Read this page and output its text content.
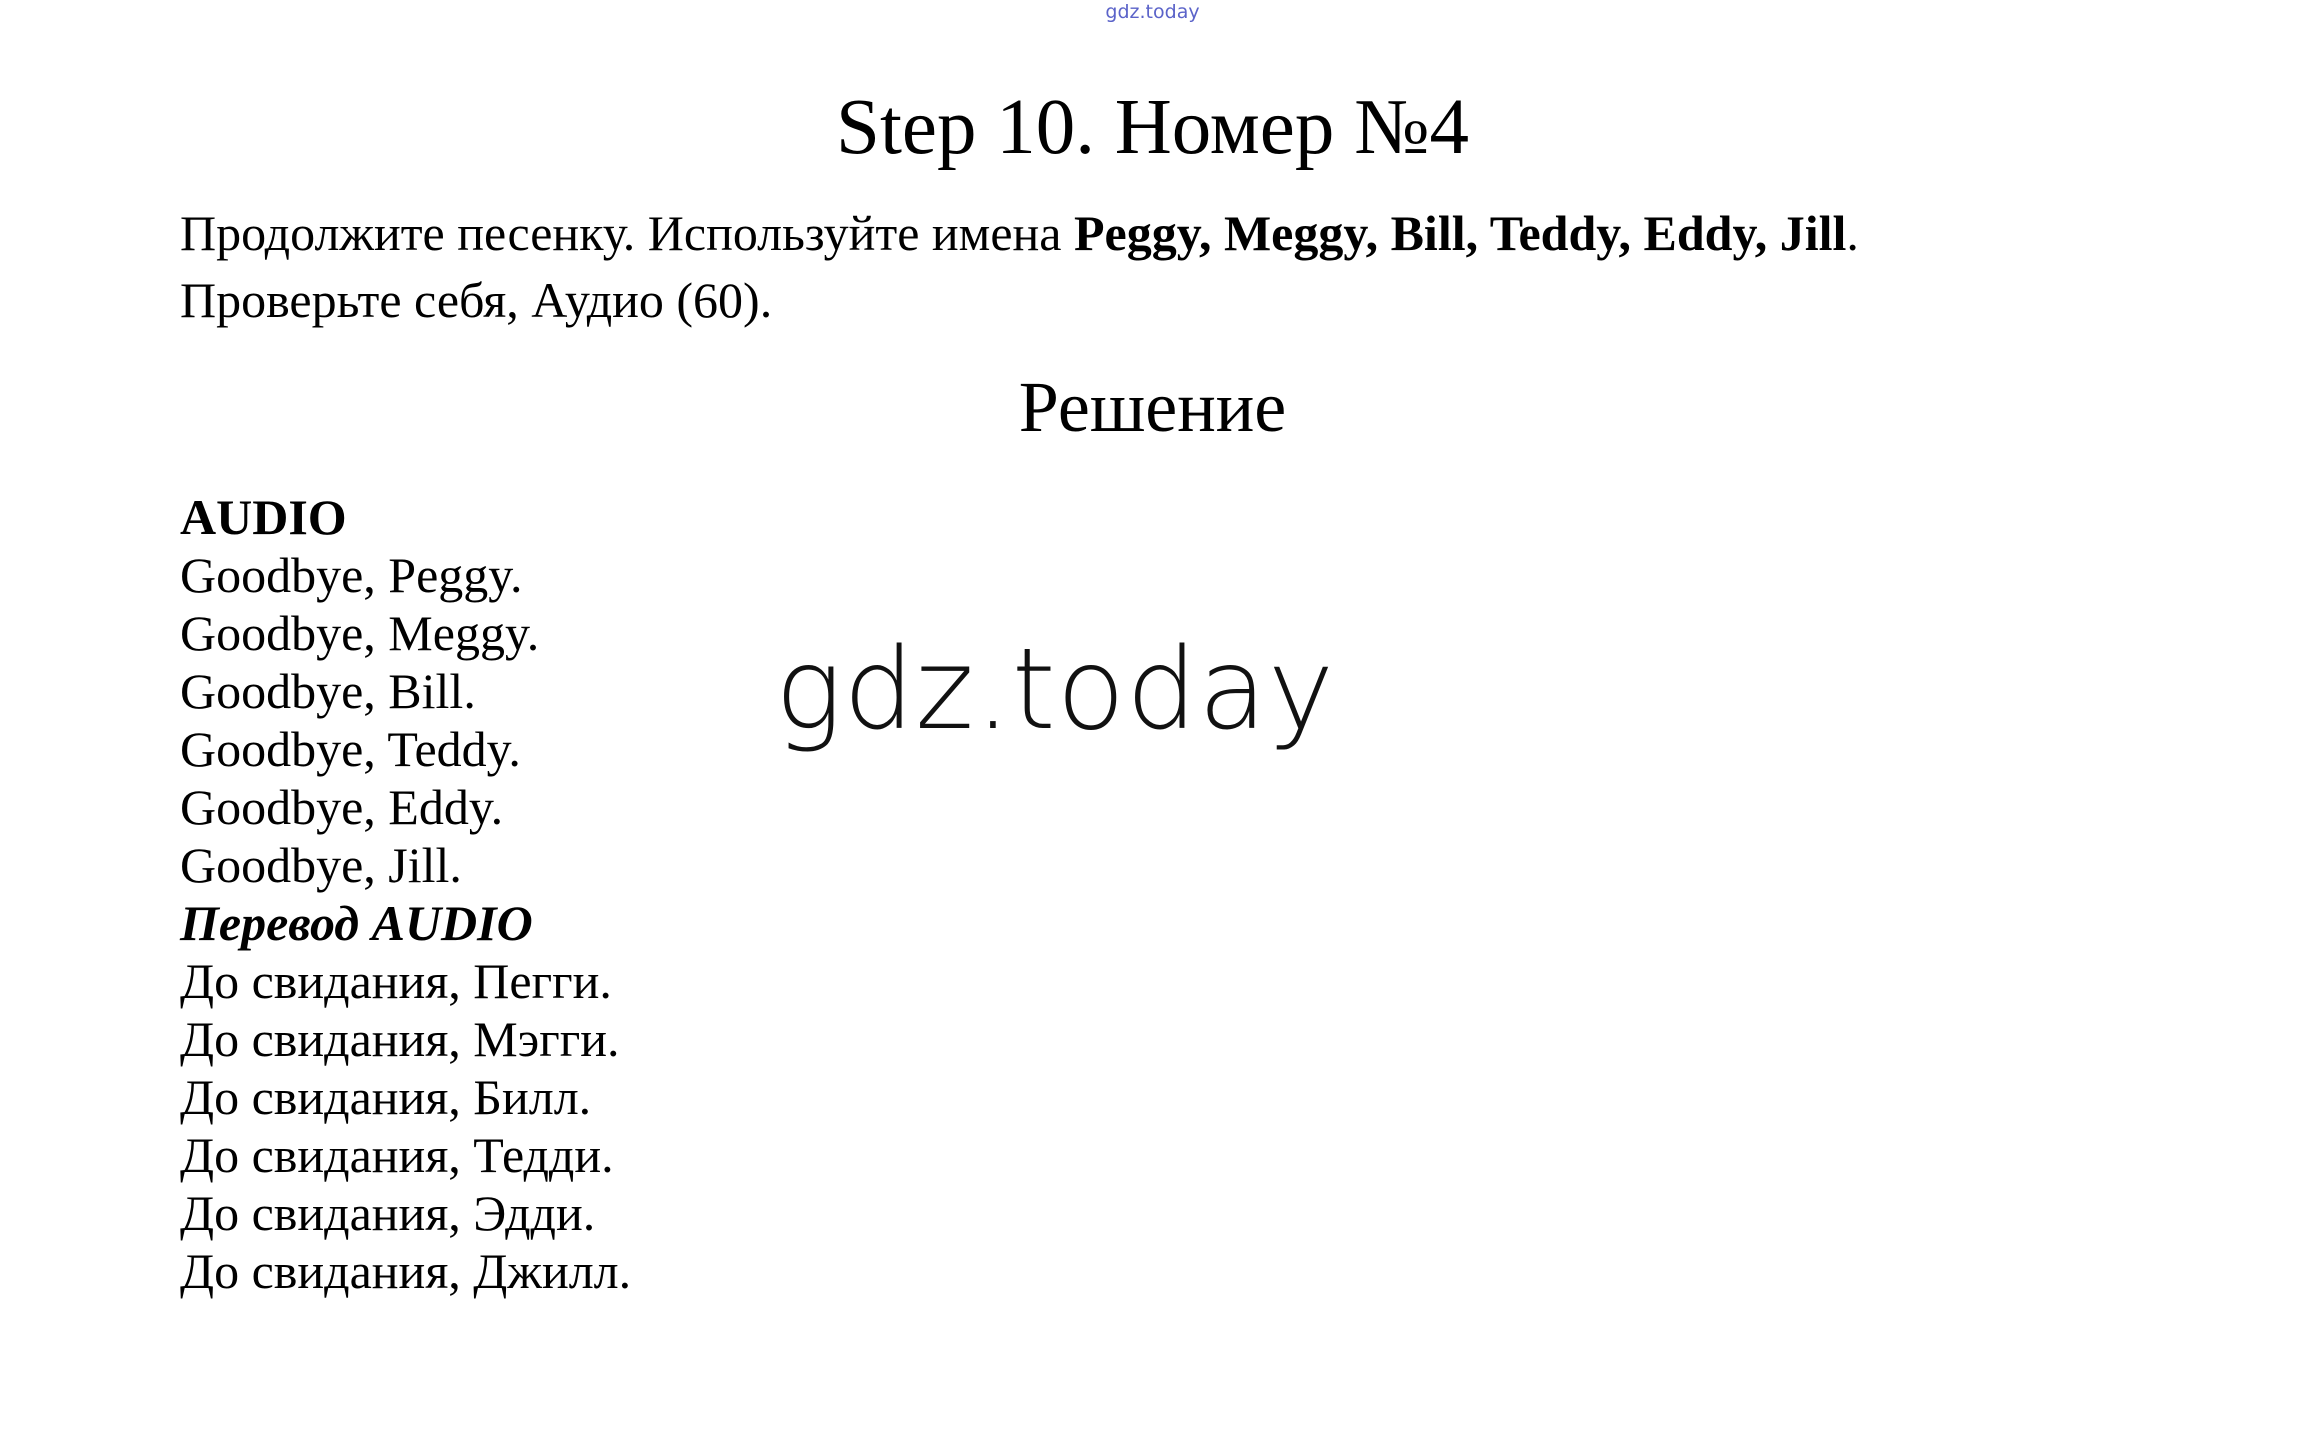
gdz.today
Step 10. Номер №4
Продолжите песенку. Используйте имена Peggy, Meggy, Bill, Teddy, Eddy, Jill.
Проверьте себя, Аудио (60).
Решение
AUDIO
Goodbye, Peggy.
Goodbye, Meggy.
Goodbye, Bill.
Goodbye, Teddy.
Goodbye, Eddy.
Goodbye, Jill.
Перевод AUDIO
До свидания, Пегги.
До свидания, Мэгги.
До свидания, Билл.
До свидания, Тедди.
До свидания, Эдди.
До свидания, Джилл.
gdz.today
